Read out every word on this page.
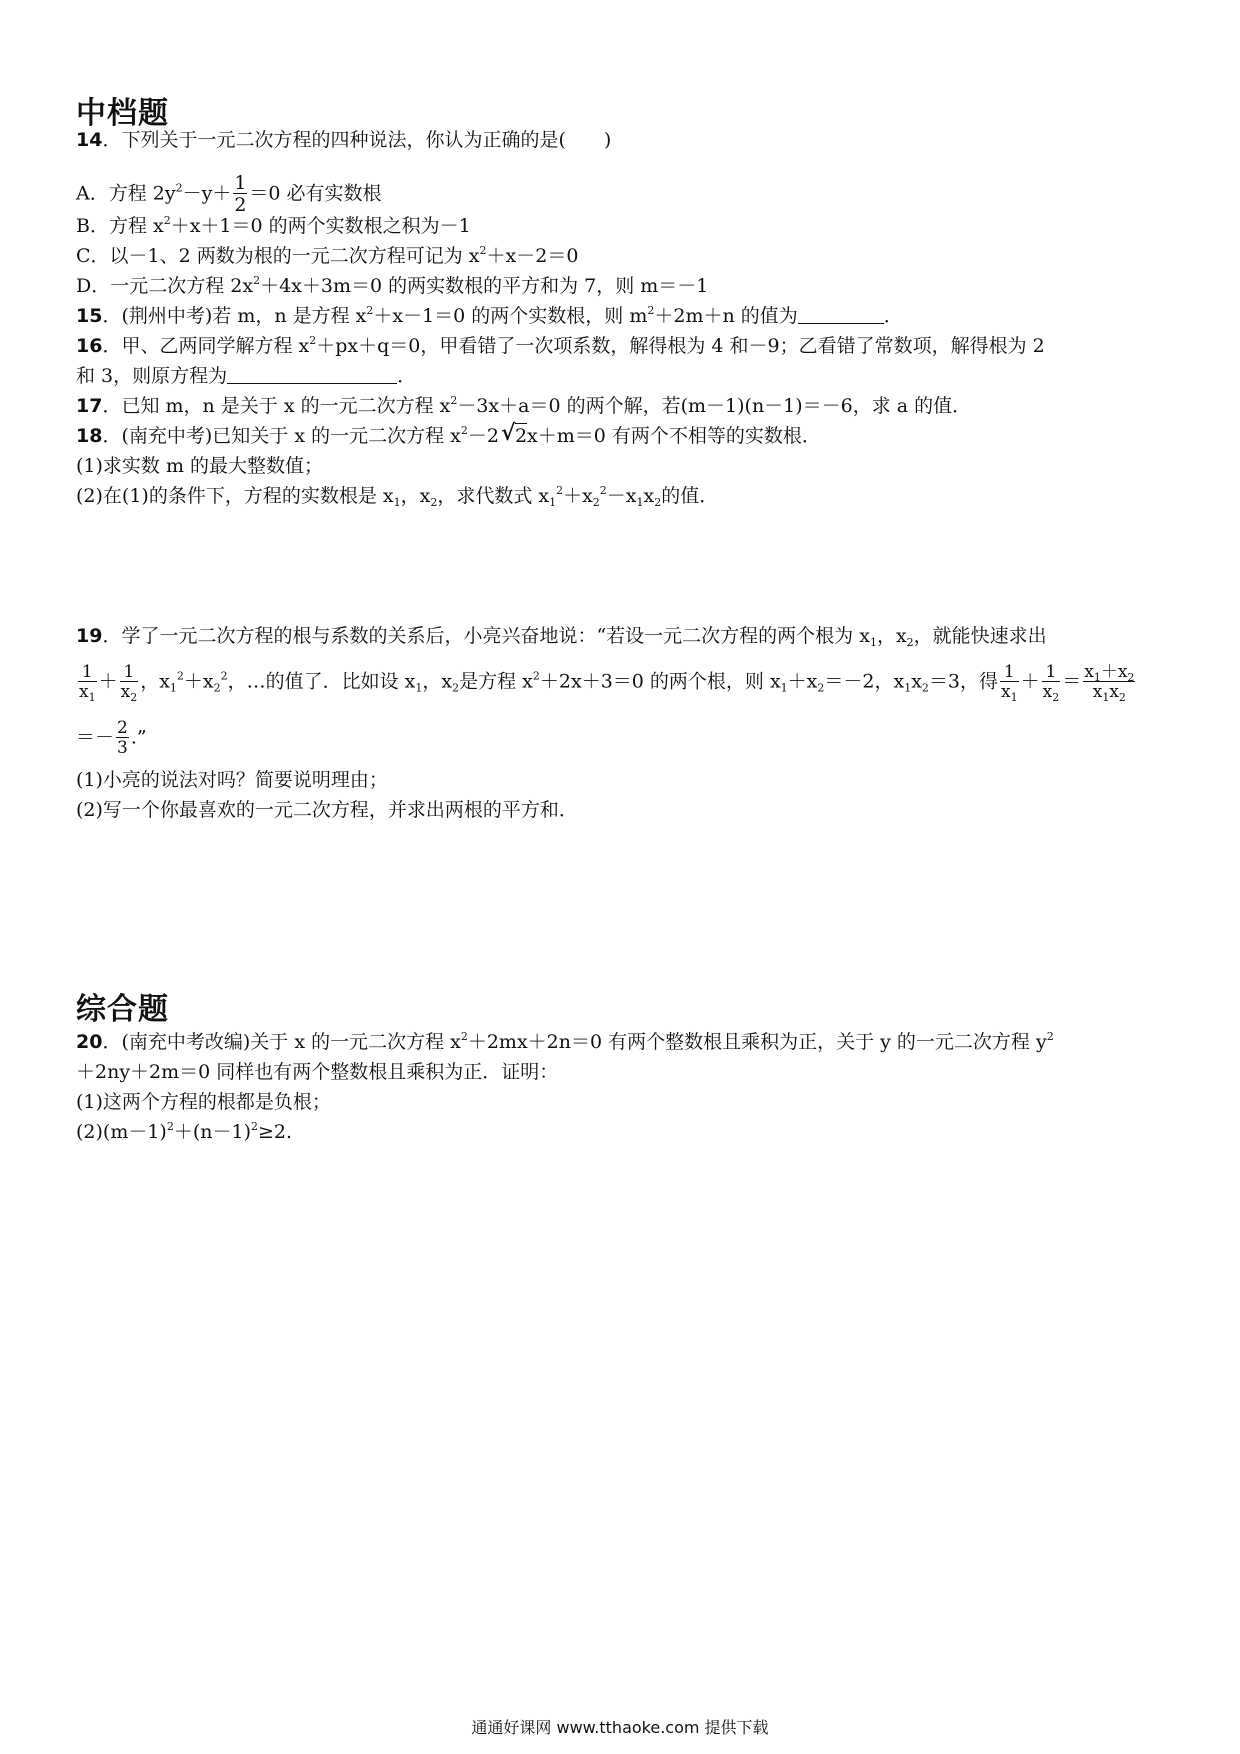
中档题
14．下列关于一元二次方程的四种说法，你认为正确的是(　　)
A．方程 $2y^2-y+ \frac{1}{2} =0$ 必有实数根
B．方程 $x^2+x+1=0$ 的两个实数根之积为－1
C．以－1、2 两数为根的一元二次方程可记为 $x^2+x-2=0$
D．一元二次方程 $2x^2+4x+3m=0$ 的两实数根的平方和为 7，则 m＝－1
15．(荆州中考)若 m，n 是方程 $x^2+x-1=0$ 的两个实数根，则 $m^2+2m+n$ 的值为	．
16．甲、乙两同学解方程 $x^2+px+q=0$，甲看错了一次项系数，解得根为 4 和－9；乙看错了常数项，解得根为 2
和 3，则原方程为	．
17．已知 m，n 是关于 x 的一元二次方程 $x^2-3x+a=0$ 的两个解，若(m－1)(n－1)＝－6，求 a 的值．
18．(南充中考)已知关于 x 的一元二次方程 $x^2-2√$ 2x＋m＝0 有两个不相等的实数根．
(1)求实数 m 的最大整数值；
(2)在(1)的条件下，方程的实数根是 $x_1$，$x_2$，求代数式 $x_1^2+x_2^2-x_1x_2$的值．
19．学了一元二次方程的根与系数的关系后，小亮兴奋地说：“若设一元二次方程的两个根为 $x_1$，$x_2$，就能快速求出
$\frac{1}{x_1} + \frac{1}{x_2}$ ，$x_1^2+x_2^2$，…的值了．比如设 $x_1$，$x_2$是方程 $x^2+2x+3=0$ 的两个根，则 $x_1+x_2=-2$，$x_1x_2=3$，得 $\frac{1}{x_1} + \frac{1}{x_2} = \frac{x_1+x_2}{x_1x_2}$
＝－ $\frac{2}{3}$ .”
(1)小亮的说法对吗？简要说明理由；
(2)写一个你最喜欢的一元二次方程，并求出两根的平方和．
综合题
20．(南充中考改编)关于 x 的一元二次方程 $x^2+2mx+2n=0$ 有两个整数根且乘积为正，关于 y 的一元二次方程 $y^2$
＋2ny＋2m＝0 同样也有两个整数根且乘积为正．证明：
(1)这两个方程的根都是负根；
$(2)(m-1)^2+(n-1)^2\ge 2$.
通通好课网 www.tthaoke.com 提供下载
